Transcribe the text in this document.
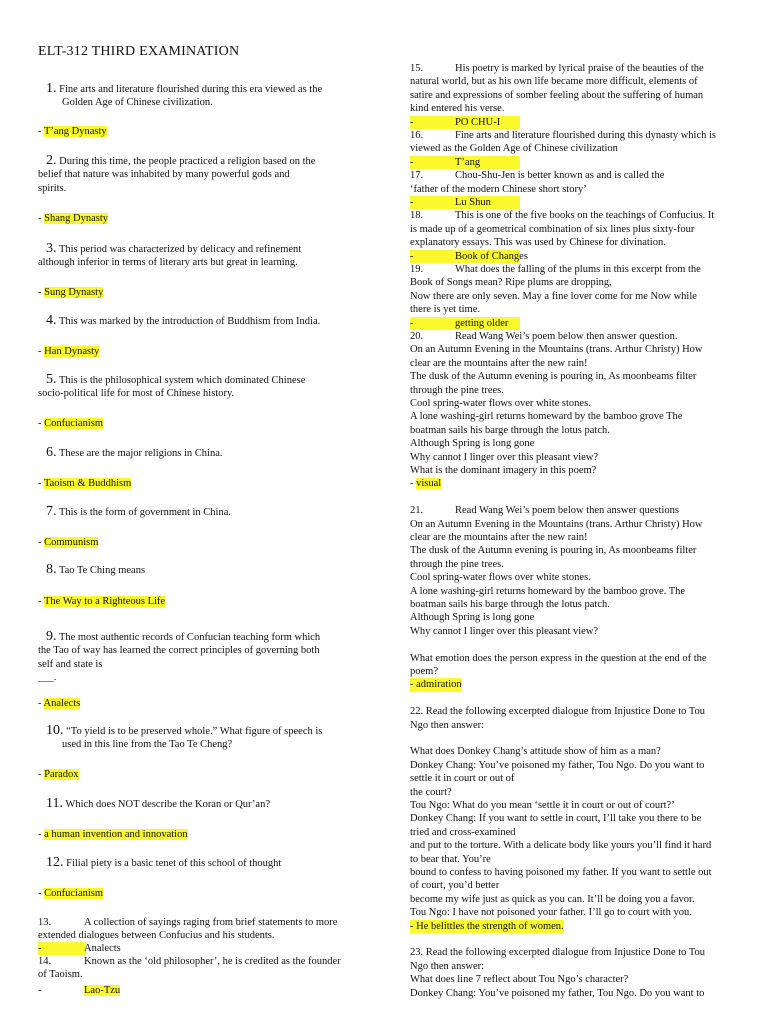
ELT-312 THIRD EXAMINATION
1. Fine arts and literature flourished during this era viewed as the
Golden Age of Chinese civilization.
- T’ang Dynasty
2. During this time, the people practiced a religion based on the
belief that nature was inhabited by many powerful gods and
spirits.
- Shang Dynasty
3. This period was characterized by delicacy and refinement
although inferior in terms of literary arts but great in learning.
- Sung Dynasty
4. This was marked by the introduction of Buddhism from India.
- Han Dynasty
5. This is the philosophical system which dominated Chinese
socio-political life for most of Chinese history.
- Confucianism
6. These are the major religions in China.
- Taoism & Buddhism
7. This is the form of government in China.
- Communism
8. Tao Te Ching means
- The Way to a Righteous Life
9. The most authentic records of Confucian teaching form which
the Tao of way has learned the correct principles of governing both
self and state is
___.
- Analects
10. “To yield is to be preserved whole.” What figure of speech is
used in this line from the Tao Te Cheng?
- Paradox
11. Which does NOT describe the Koran or Qur’an?
- a human invention and innovation
12. Filial piety is a basic tenet of this school of thought
- Confucianism
13.	A collection of sayings raging from brief statements to more
extended dialogues between Confucius and his students.
-	Analects
14.	Known as the ‘old philosopher’, he is credited as the founder
of Taoism.
-	Lao-Tzu
15.	His poetry is marked by lyrical praise of the beauties of the
natural world, but as his own life became more difficult, elements of
satire and expressions of somber feeling about the suffering of human
kind entered his verse.
-	PO CHU-I
16.	Fine arts and literature flourished during this dynasty which is
viewed as the Golden Age of Chinese civilization
-	T’ang
17.	Chou-Shu-Jen is better known as and is called the
‘father of the modern Chinese short story’
-	Lu Shun
18.	This is one of the five books on the teachings of Confucius. It
is made up of a geometrical combination of six lines plus sixty-four
explanatory essays. This was used by Chinese for divination.
-	Book of Changes
19.	What does the falling of the plums in this excerpt from the
Book of Songs mean? Ripe plums are dropping,
Now there are only seven. May a fine lover come for me Now while
there is yet time.
-	getting older
20.	Read Wang Wei’s poem below then answer question.
On an Autumn Evening in the Mountains (trans. Arthur Christy) How
clear are the mountains after the new rain!
The dusk of the Autumn evening is pouring in, As moonbeams filter
through the pine trees.
Cool spring-water flows over white stones.
A lone washing-girl returns homeward by the bamboo grove The
boatman sails his barge through the lotus patch.
Although Spring is long gone
Why cannot I linger over this pleasant view?
What is the dominant imagery in this poem?
- visual
21.	Read Wang Wei’s poem below then answer questions
On an Autumn Evening in the Mountains (trans. Arthur Christy) How
clear are the mountains after the new rain!
The dusk of the Autumn evening is pouring in, As moonbeams filter
through the pine trees.
Cool spring-water flows over white stones.
A lone washing-girl returns homeward by the bamboo grove. The
boatman sails his barge through the lotus patch.
Although Spring is long gone
Why cannot I linger over this pleasant view?
What emotion does the person express in the question at the end of the
poem?
- admiration
22. Read the following excerpted dialogue from Injustice Done to Tou
Ngo then answer:
What does Donkey Chang’s attitude show of him as a man?
Donkey Chang: You’ve poisoned my father, Tou Ngo. Do you want to
settle it in court or out of
the court?
Tou Ngo: What do you mean ‘settle it in court or out of court?’
Donkey Chang: If you want to settle in court, I’ll take you there to be
tried and cross-examined
and put to the torture. With a delicate body like yours you’ll find it hard
to bear that. You’re
bound to confess to having poisoned my father. If you want to settle out
of court, you’d better
become my wife just as quick as you can. It’ll be doing you a favor.
Tou Ngo: I have not poisoned your father. I’ll go to court with you.
- He belittles the strength of women.
23. Read the following excerpted dialogue from Injustice Done to Tou
Ngo then answer:
What does line 7 reflect about Tou Ngo’s character?
Donkey Chang: You’ve poisoned my father, Tou Ngo. Do you want to
